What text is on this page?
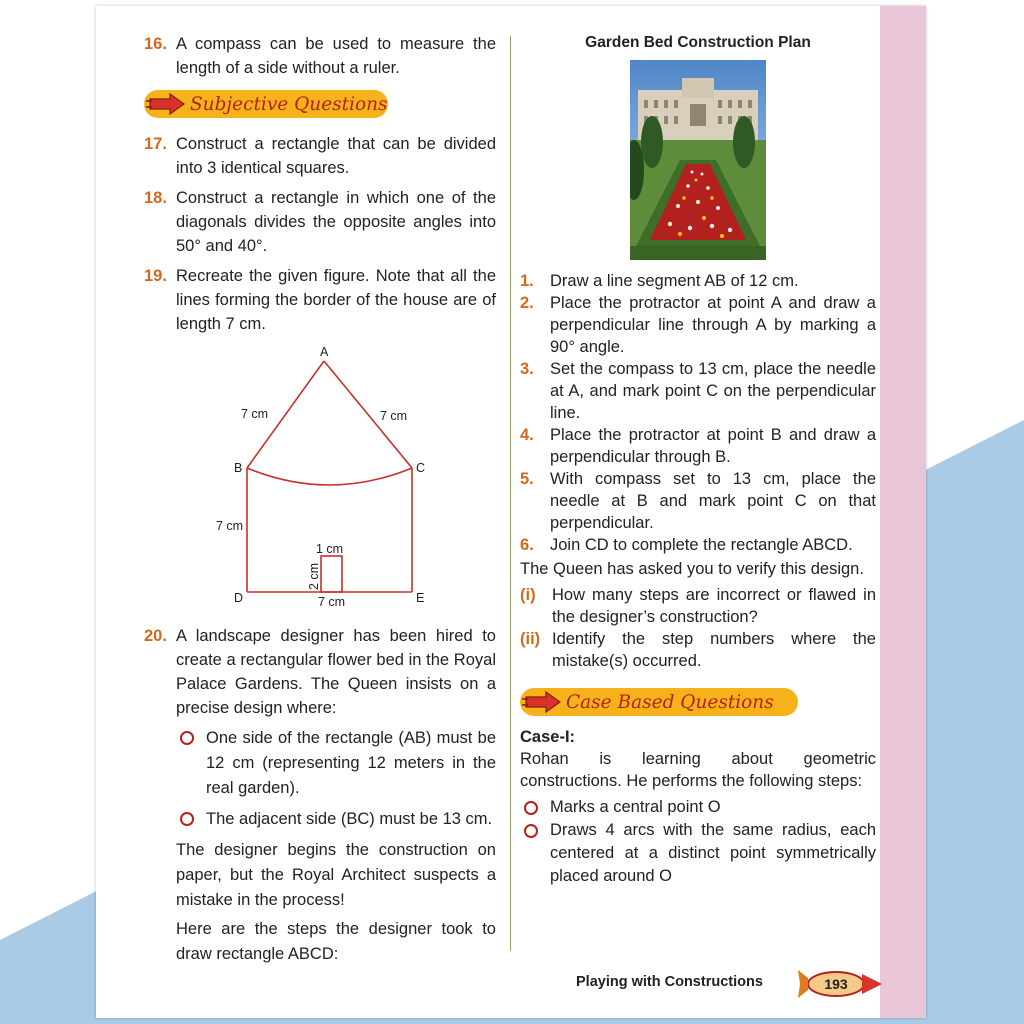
16. A compass can be used to measure the length of a side without a ruler.
Subjective Questions
17. Construct a rectangle that can be divided into 3 identical squares.
18. Construct a rectangle in which one of the diagonals divides the opposite angles into 50° and 40°.
19. Recreate the given figure. Note that all the lines forming the border of the house are of length 7 cm.
A
B	C
D	E
7 cm	7 cm
7 cm
7 cm
1 cm
2 cm
20. A landscape designer has been hired to create a rectangular flower bed in the Royal Palace Gardens. The Queen insists on a precise design where:
One side of the rectangle (AB) must be 12 cm (representing 12 meters in the real garden).
The adjacent side (BC) must be 13 cm.
The designer begins the construction on paper, but the Royal Architect suspects a mistake in the process!
Here are the steps the designer took to draw rectangle ABCD:
Garden Bed Construction Plan
1. Draw a line segment AB of 12 cm.
2. Place the protractor at point A and draw a perpendicular line through A by marking a 90° angle.
3. Set the compass to 13 cm, place the needle at A, and mark point C on the perpendicular line.
4. Place the protractor at point B and draw a perpendicular through B.
5. With compass set to 13 cm, place the needle at B and mark point C on that perpendicular.
6. Join CD to complete the rectangle ABCD.
The Queen has asked you to verify this design.
(i) How many steps are incorrect or flawed in the designer’s construction?
(ii) Identify the step numbers where the mistake(s) occurred.
Case Based Questions
Case-I:
Rohan is learning about geometric constructions. He performs the following steps:
Marks a central point O
Draws 4 arcs with the same radius, each centered at a distinct point symmetrically placed around O
Playing with Constructions	193
